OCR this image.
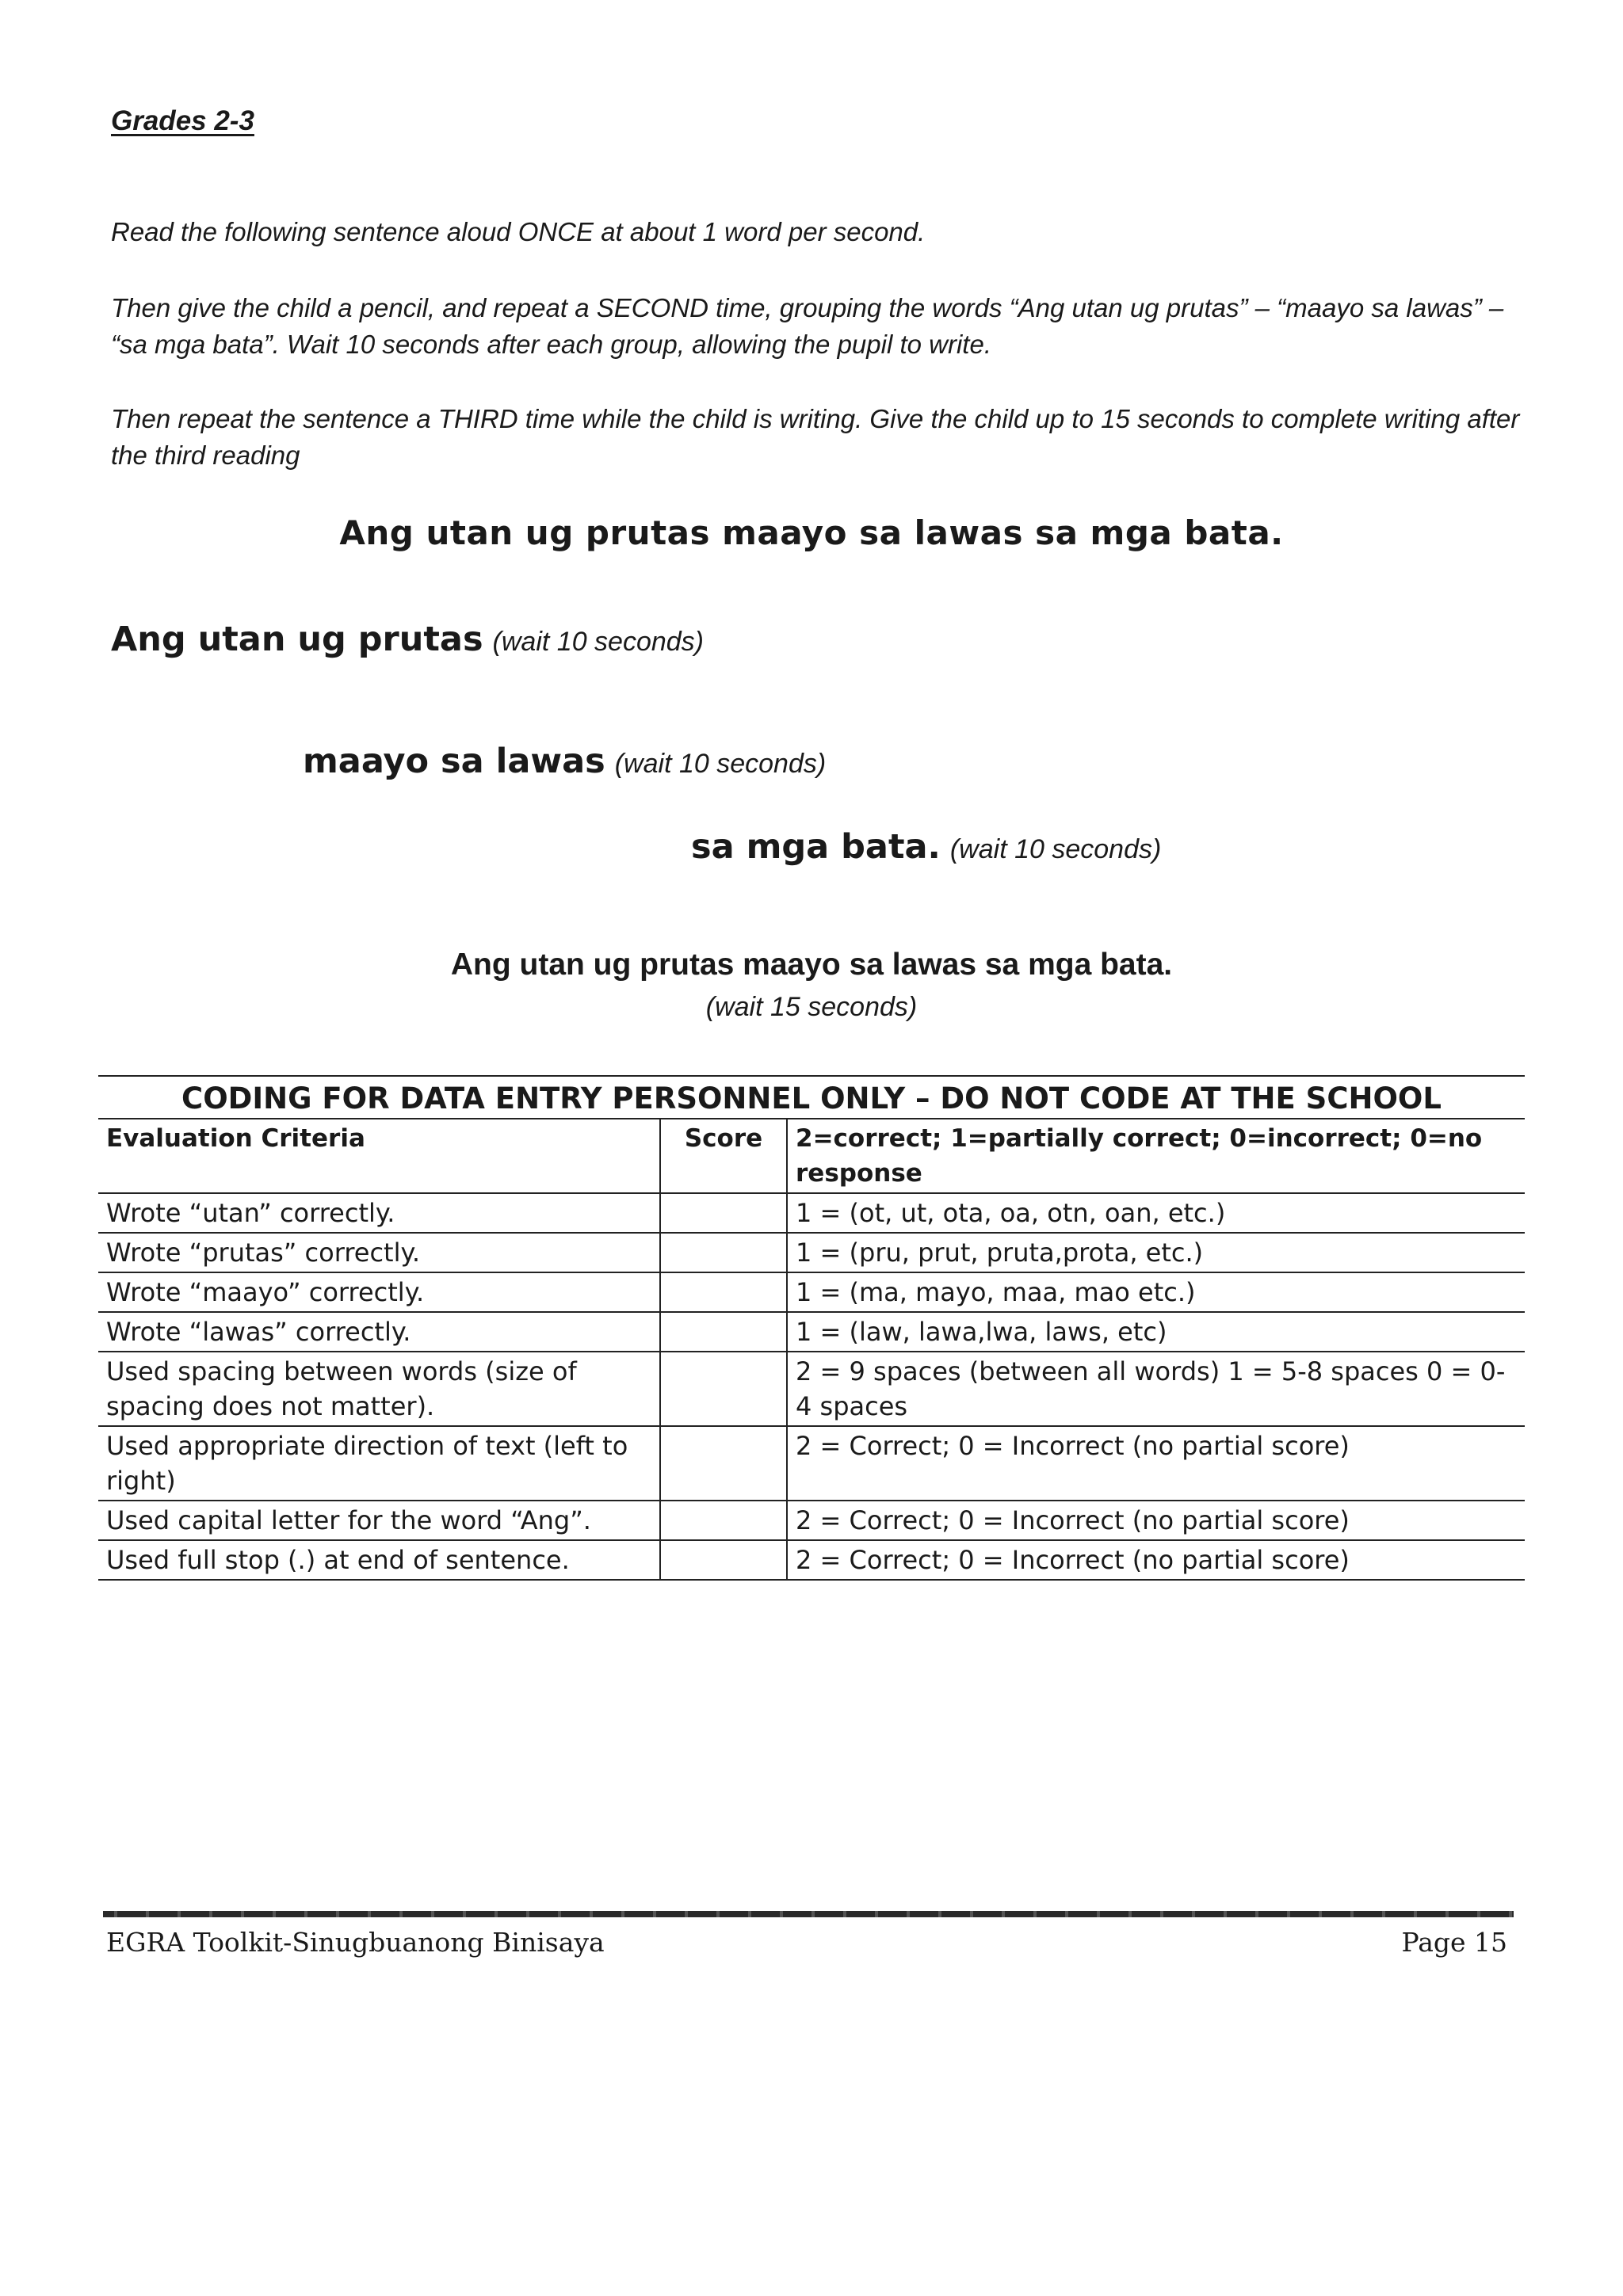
Grades 2-3
Read the following sentence aloud ONCE at about 1 word per second.
Then give the child a pencil, and repeat a SECOND time, grouping the words “Ang utan ug prutas” – “maayo sa lawas” – “sa mga bata”. Wait 10 seconds after each group, allowing the pupil to write.
Then repeat the sentence a THIRD time while the child is writing. Give the child up to 15 seconds to complete writing after the third reading
Ang utan ug prutas maayo sa lawas sa mga bata.
Ang utan ug prutas (wait 10 seconds)
maayo sa lawas (wait 10 seconds)
sa mga bata. (wait 10 seconds)
Ang utan ug prutas maayo sa lawas sa mga bata.
(wait 15 seconds)
CODING FOR DATA ENTRY PERSONNEL ONLY – DO NOT CODE AT THE SCHOOL		
Evaluation Criteria	Score	2=correct; 1=partially correct; 0=incorrect; 0=no response
Wrote “utan” correctly.		1 = (ot, ut, ota, oa, otn, oan, etc.)
Wrote “prutas” correctly.		1 = (pru, prut, pruta,prota, etc.)
Wrote “maayo” correctly.		1 = (ma, mayo, maa, mao etc.)
Wrote “lawas” correctly.		1 = (law, lawa,lwa, laws, etc)
Used spacing between words (size of spacing does not matter).		2 = 9 spaces (between all words) 1 = 5-8 spaces 0 = 0-4 spaces
Used appropriate direction of text (left to right)		2 = Correct; 0 = Incorrect (no partial score)
Used capital letter for the word “Ang”.		2 = Correct; 0 = Incorrect (no partial score)
Used full stop (.) at end of sentence.		2 = Correct; 0 = Incorrect (no partial score)
EGRA Toolkit-Sinugbuanong Binisaya	Page 15
